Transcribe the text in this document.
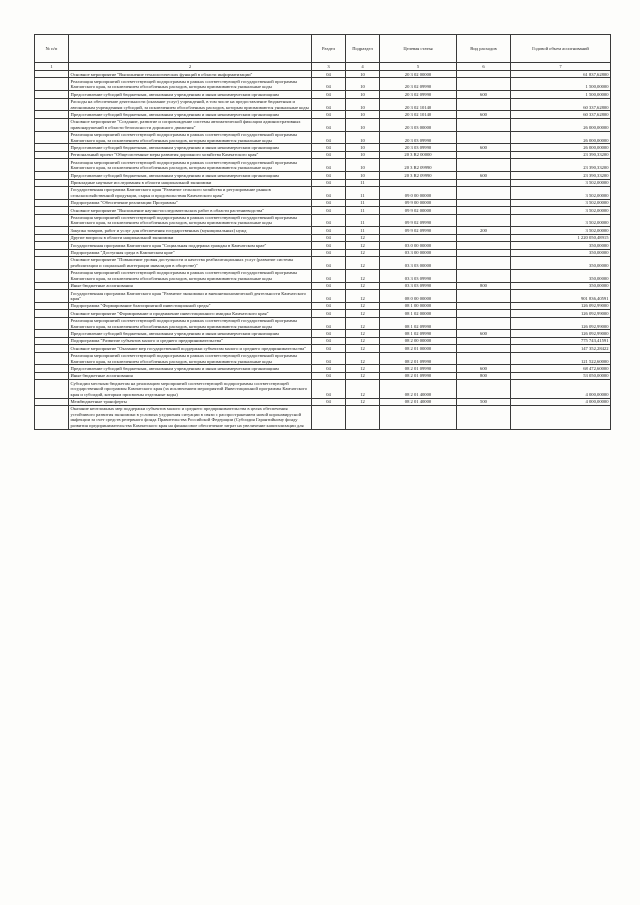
№ п/п		Раздел	Подраздел	Целевая статья	Вид расходов	Годовой объем ассигнований
1	2	3	4	5	6	7
	Основное мероприятие "Выполнение технологических функций в области информатизации"	04	10	20 3 02 00000		61 837,62800
	Реализация мероприятий соответствующей подпрограммы в рамках соответствующей государственной программы Камчатского края, за исключением обособленных расходов, которым присваиваются уникальные коды	04	10	20 3 02 09990		1 500,00000
	Предоставление субсидий бюджетным, автономным учреждениям и иным некоммерческим организациям	04	10	20 3 02 09990	600	1 500,00000
	Расходы на обеспечение деятельности (оказание услуг) учреждений, в том числе на предоставление бюджетным и автономным учреждениям субсидий, за исключением обособленных расходов, которым присваиваются уникальные коды	04	10	20 3 02 10140		60 337,62800
	Предоставление субсидий бюджетным, автономным учреждениям и иным некоммерческим организациям	04	10	20 3 02 10140	600	60 337,62800
	Основное мероприятие "Создание, развитие и сопровождение системы автоматической фиксации административных правонарушений в области безопасности дорожного движения"	04	10	20 3 03 00000		26 000,00000
	Реализация мероприятий соответствующей подпрограммы в рамках соответствующей государственной программы Камчатского края, за исключением обособленных расходов, которым присваиваются уникальные коды	04	10	20 3 03 09990		26 000,00000
	Предоставление субсидий бюджетным, автономным учреждениям и иным некоммерческим организациям	04	10	20 3 03 09990	600	26 000,00000
	Региональный проект "Общесистемные меры развития дорожного хозяйства Камчатского края"	04	10	20 3 R2 00000		23 390,33200
	Реализация мероприятий соответствующей подпрограммы в рамках соответствующей государственной программы Камчатского края, за исключением обособленных расходов, которым присваиваются уникальные коды	04	10	20 3 R2 09990		23 390,33200
	Предоставление субсидий бюджетным, автономным учреждениям и иным некоммерческим организациям	04	10	20 3 R2 09990	600	23 390,33200
	Прикладные научные исследования в области национальной экономики	04	11			3 502,00000
	Государственная программа Камчатского края "Развитие сельского хозяйства и регулирование рынков сельскохозяйственной продукции, сырья и продовольствия Камчатского края"	04	11	09 0 00 00000		3 502,00000
	Подпрограмма "Обеспечение реализации Программы"	04	11	09 9 00 00000		3 502,00000
	Основное мероприятие "Выполнение научно-исследовательских работ в области растениеводства"	04	11	09 9 02 00000		3 502,00000
	Реализация мероприятий соответствующей подпрограммы в рамках соответствующей государственной программы Камчатского края, за исключением обособленных расходов, которым присваиваются уникальные коды	04	11	09 9 02 09990		3 502,00000
	Закупка товаров, работ и услуг для обеспечения государственных (муниципальных) нужд	04	11	09 9 02 09990	200	3 502,00000
	Другие вопросы в области национальной экономики	04	12			1 220 050,48915
	Государственная программа Камчатского края "Социальная поддержка граждан в Камчатском крае"	04	12	03 0 00 00000		350,00000
	Подпрограмма "Доступная среда в Камчатском крае"	04	12	03 3 00 00000		350,00000
	Основное мероприятие "Повышение уровня доступности и качества реабилитационных услуг (развитие системы реабилитации и социальной интеграции инвалидов в обществе)"	04	12	03 3 03 00000		350,00000
	Реализация мероприятий соответствующей подпрограммы в рамках соответствующей государственной программы Камчатского края, за исключением обособленных расходов, которым присваиваются уникальные коды	04	12	03 3 03 09990		350,00000
	Иные бюджетные ассигнования	04	12	03 3 03 09990	800	350,00000
	Государственная программа Камчатского края "Развитие экономики и внешнеэкономической деятельности Камчатского края"	04	12	08 0 00 00000		901 836,40591
	Подпрограмма "Формирование благоприятной инвестиционной среды"	04	12	08 1 00 00000		126 092,99000
	Основное мероприятие "Формирование и продвижение инвестиционного имиджа Камчатского края"	04	12	08 1 02 00000		126 092,99000
	Реализация мероприятий соответствующей подпрограммы в рамках соответствующей государственной программы Камчатского края, за исключением обособленных расходов, которым присваиваются уникальные коды	04	12	08 1 02 09990		126 092,99000
	Предоставление субсидий бюджетным, автономным учреждениям и иным некоммерческим организациям	04	12	08 1 02 09990	600	126 092,99000
	Подпрограмма "Развитие субъектов малого и среднего предпринимательства"	04	12	08 2 00 00000		775 743,41591
	Основное мероприятие "Оказание мер государственной поддержки субъектам малого и среднего предпринимательства"	04	12	08 2 01 00000		147 352,28422
	Реализация мероприятий соответствующей подпрограммы в рамках соответствующей государственной программы Камчатского края, за исключением обособленных расходов, которым присваиваются уникальные коды	04	12	08 2 01 09990		121 522,60000
	Предоставление субсидий бюджетным, автономным учреждениям и иным некоммерческим организациям	04	12	08 2 01 09990	600	68 472,60000
	Иные бюджетные ассигнования	04	12	08 2 01 09990	800	53 050,00000
	Субсидии местным бюджетам на реализацию мероприятий соответствующей подпрограммы соответствующей государственной программы Камчатского края (за исключением мероприятий Инвестиционной программы Камчатского края и субсидий, которым присвоены отдельные коды)	04	12	08 2 01 40000		4 000,00000
	Межбюджетные трансферты	04	12	08 2 01 40000	500	4 000,00000
	Оказание неотложных мер поддержки субъектов малого и среднего предпринимательства в целях обеспечения устойчивого развития экономики в условиях ухудшения ситуации в связи с распространением новой коронавирусной инфекции за счет средств резервного фонда Правительства Российской Федерации (Субсидия Гарантийному фонду развития предпринимательства Камчатского края на финансовое обеспечение затрат на увеличение капитализации для					
